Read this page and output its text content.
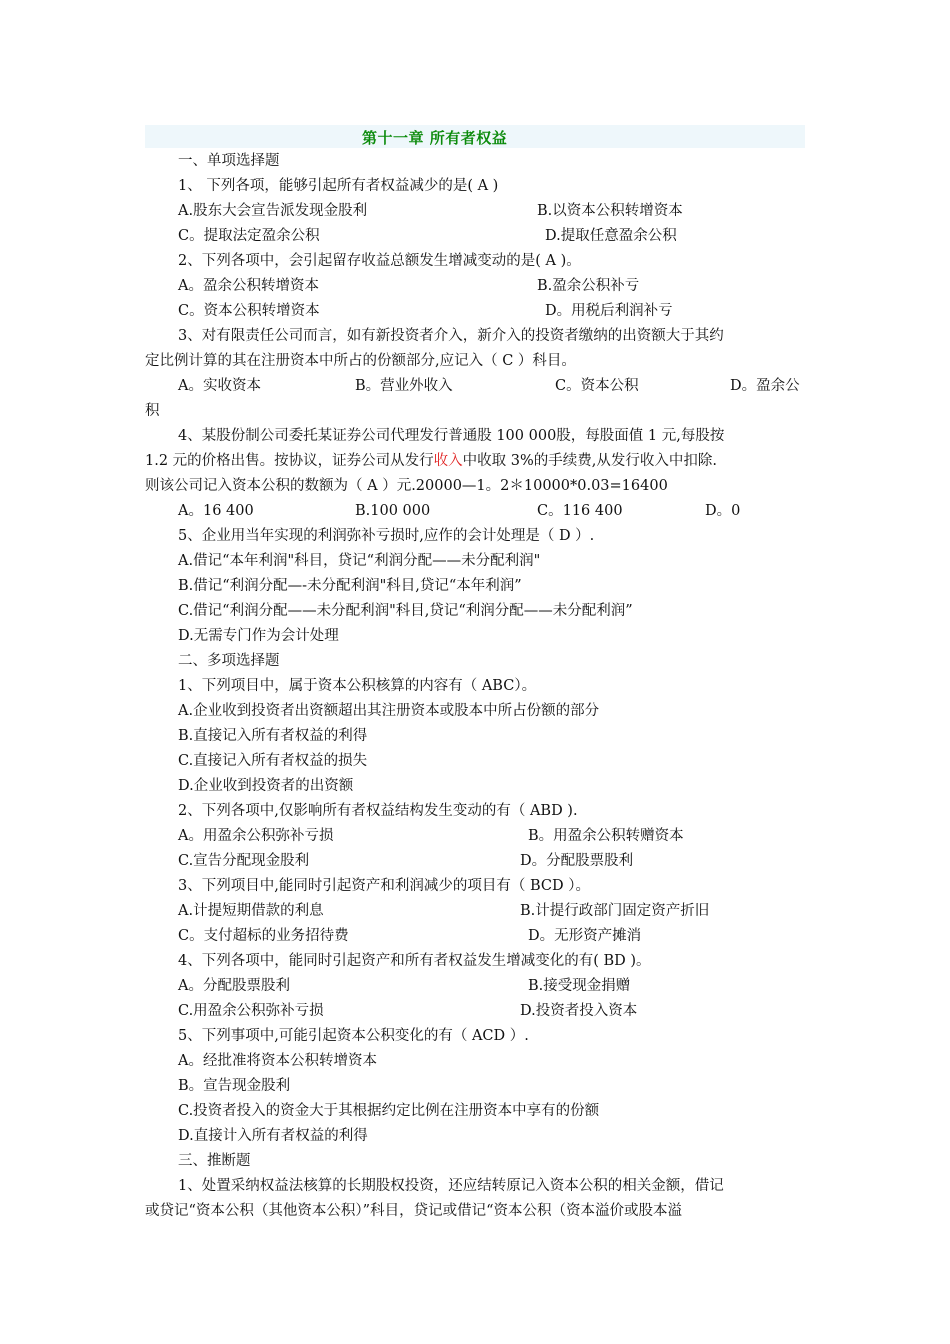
第十一章 所有者权益
一、单项选择题
1、 下列各项，能够引起所有者权益减少的是( A )
A.股东大会宣告派发现金股利	B.以资本公积转增资本
C。提取法定盈余公积	D.提取任意盈余公积
2、下列各项中，会引起留存收益总额发生增减变动的是( A )。
A。盈余公积转增资本	B.盈余公积补亏
C。资本公积转增资本	D。用税后利润补亏
3、对有限责任公司而言，如有新投资者介入，新介入的投资者缴纳的出资额大于其约
定比例计算的其在注册资本中所占的份额部分,应记入（ C ）科目。
A。实收资本	B。营业外收入	C。资本公积	D。盈余公
积
4、某股份制公司委托某证券公司代理发行普通股 100 000股，每股面值 1 元,每股按
1.2 元的价格出售。按协议，证券公司从发行收入中收取 3%的手续费,从发行收入中扣除.
则该公司记入资本公积的数额为（ A ）元.20000—1。2＊10000*0.03=16400
A。16 400	B.100 000	C。116 400	D。0
5、企业用当年实现的利润弥补亏损时,应作的会计处理是（ D ）.
A.借记“本年利润"科目，贷记“利润分配——未分配利润"
B.借记“利润分配—-未分配利润"科目,贷记“本年利润”
C.借记“利润分配——未分配利润"科目,贷记“利润分配——未分配利润”
D.无需专门作为会计处理
二、多项选择题
1、下列项目中，属于资本公积核算的内容有（ ABC）。
A.企业收到投资者出资额超出其注册资本或股本中所占份额的部分
B.直接记入所有者权益的利得
C.直接记入所有者权益的损失
D.企业收到投资者的出资额
2、下列各项中,仅影响所有者权益结构发生变动的有（ ABD ).
A。用盈余公积弥补亏损	B。用盈余公积转赠资本
C.宣告分配现金股利	D。分配股票股利
3、下列项目中,能同时引起资产和利润减少的项目有（ BCD ）。
A.计提短期借款的利息	B.计提行政部门固定资产折旧
C。支付超标的业务招待费	D。无形资产摊消
4、下列各项中，能同时引起资产和所有者权益发生增减变化的有( BD )。
A。分配股票股利	B.接受现金捐赠
C.用盈余公积弥补亏损	D.投资者投入资本
5、下列事项中,可能引起资本公积变化的有（ ACD ）.
A。经批准将资本公积转增资本
B。宣告现金股利
C.投资者投入的资金大于其根据约定比例在注册资本中享有的份额
D.直接计入所有者权益的利得
三、推断题
1、处置采纳权益法核算的长期股权投资，还应结转原记入资本公积的相关金额，借记
或贷记“资本公积（其他资本公积）”科目，贷记或借记“资本公积（资本溢价或股本溢
